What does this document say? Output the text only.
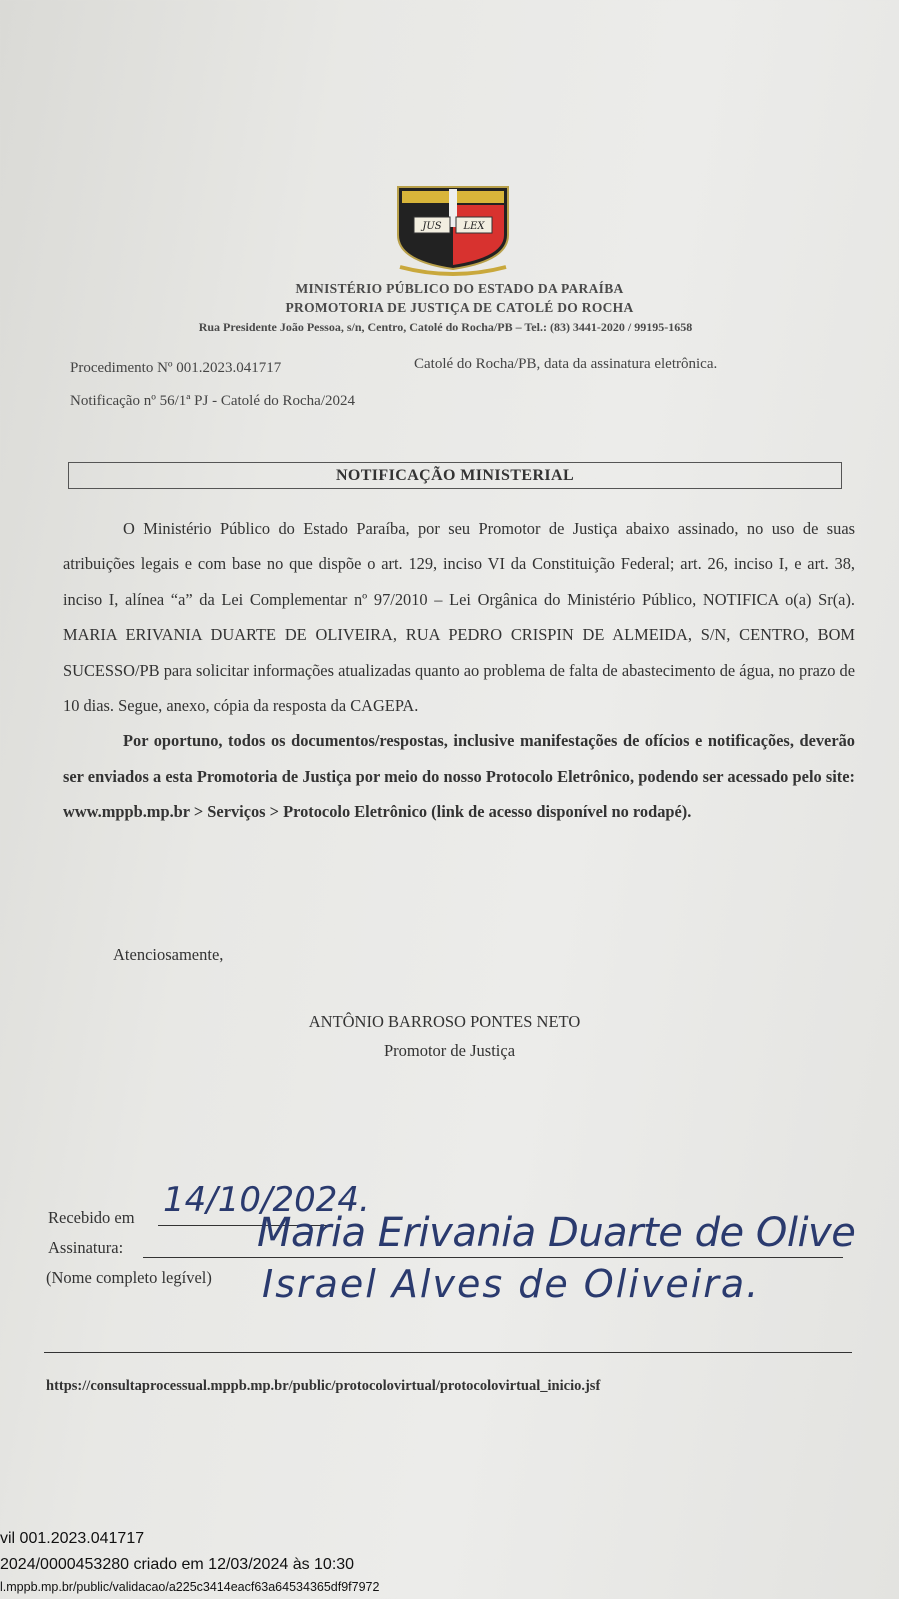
JUS LEX
MINISTÉRIO PÚBLICO DO ESTADO DA PARAÍBA
PROMOTORIA DE JUSTIÇA DE CATOLÉ DO ROCHA
Rua Presidente João Pessoa, s/n, Centro, Catolé do Rocha/PB – Tel.: (83) 3441-2020 / 99195-1658
Procedimento Nº 001.2023.041717	Catolé do Rocha/PB, data da assinatura eletrônica.
Notificação nº 56/1ª PJ - Catolé do Rocha/2024
NOTIFICAÇÃO MINISTERIAL

O Ministério Público do Estado Paraíba, por seu Promotor de Justiça abaixo assinado, no uso de suas atribuições legais e com base no que dispõe o art. 129, inciso VI da Constituição Federal; art. 26, inciso I, e art. 38, inciso I, alínea “a” da Lei Complementar nº 97/2010 – Lei Orgânica do Ministério Público, NOTIFICA o(a) Sr(a). MARIA ERIVANIA DUARTE DE OLIVEIRA, RUA PEDRO CRISPIN DE ALMEIDA, S/N, CENTRO, BOM SUCESSO/PB para solicitar informações atualizadas quanto ao problema de falta de abastecimento de água, no prazo de 10 dias. Segue, anexo, cópia da resposta da CAGEPA.

Por oportuno, todos os documentos/respostas, inclusive manifestações de ofícios e notificações, deverão ser enviados a esta Promotoria de Justiça por meio do nosso Protocolo Eletrônico, podendo ser acessado pelo site: www.mppb.mp.br > Serviços > Protocolo Eletrônico (link de acesso disponível no rodapé).

Atenciosamente,
ANTÔNIO BARROSO PONTES NETO
Promotor de Justiça
Recebido em 14/10/2024.
Assinatura:	Maria Erivania Duarte de Olive
(Nome completo legível) Israel Alves de Oliveira.
https://consultaprocessual.mppb.mp.br/public/protocolovirtual/protocolovirtual_inicio.jsf
vil 001.2023.041717
2024/0000453280 criado em 12/03/2024 às 10:30
l.mppb.mp.br/public/validacao/a225c3414eacf63a64534365df9f7972
